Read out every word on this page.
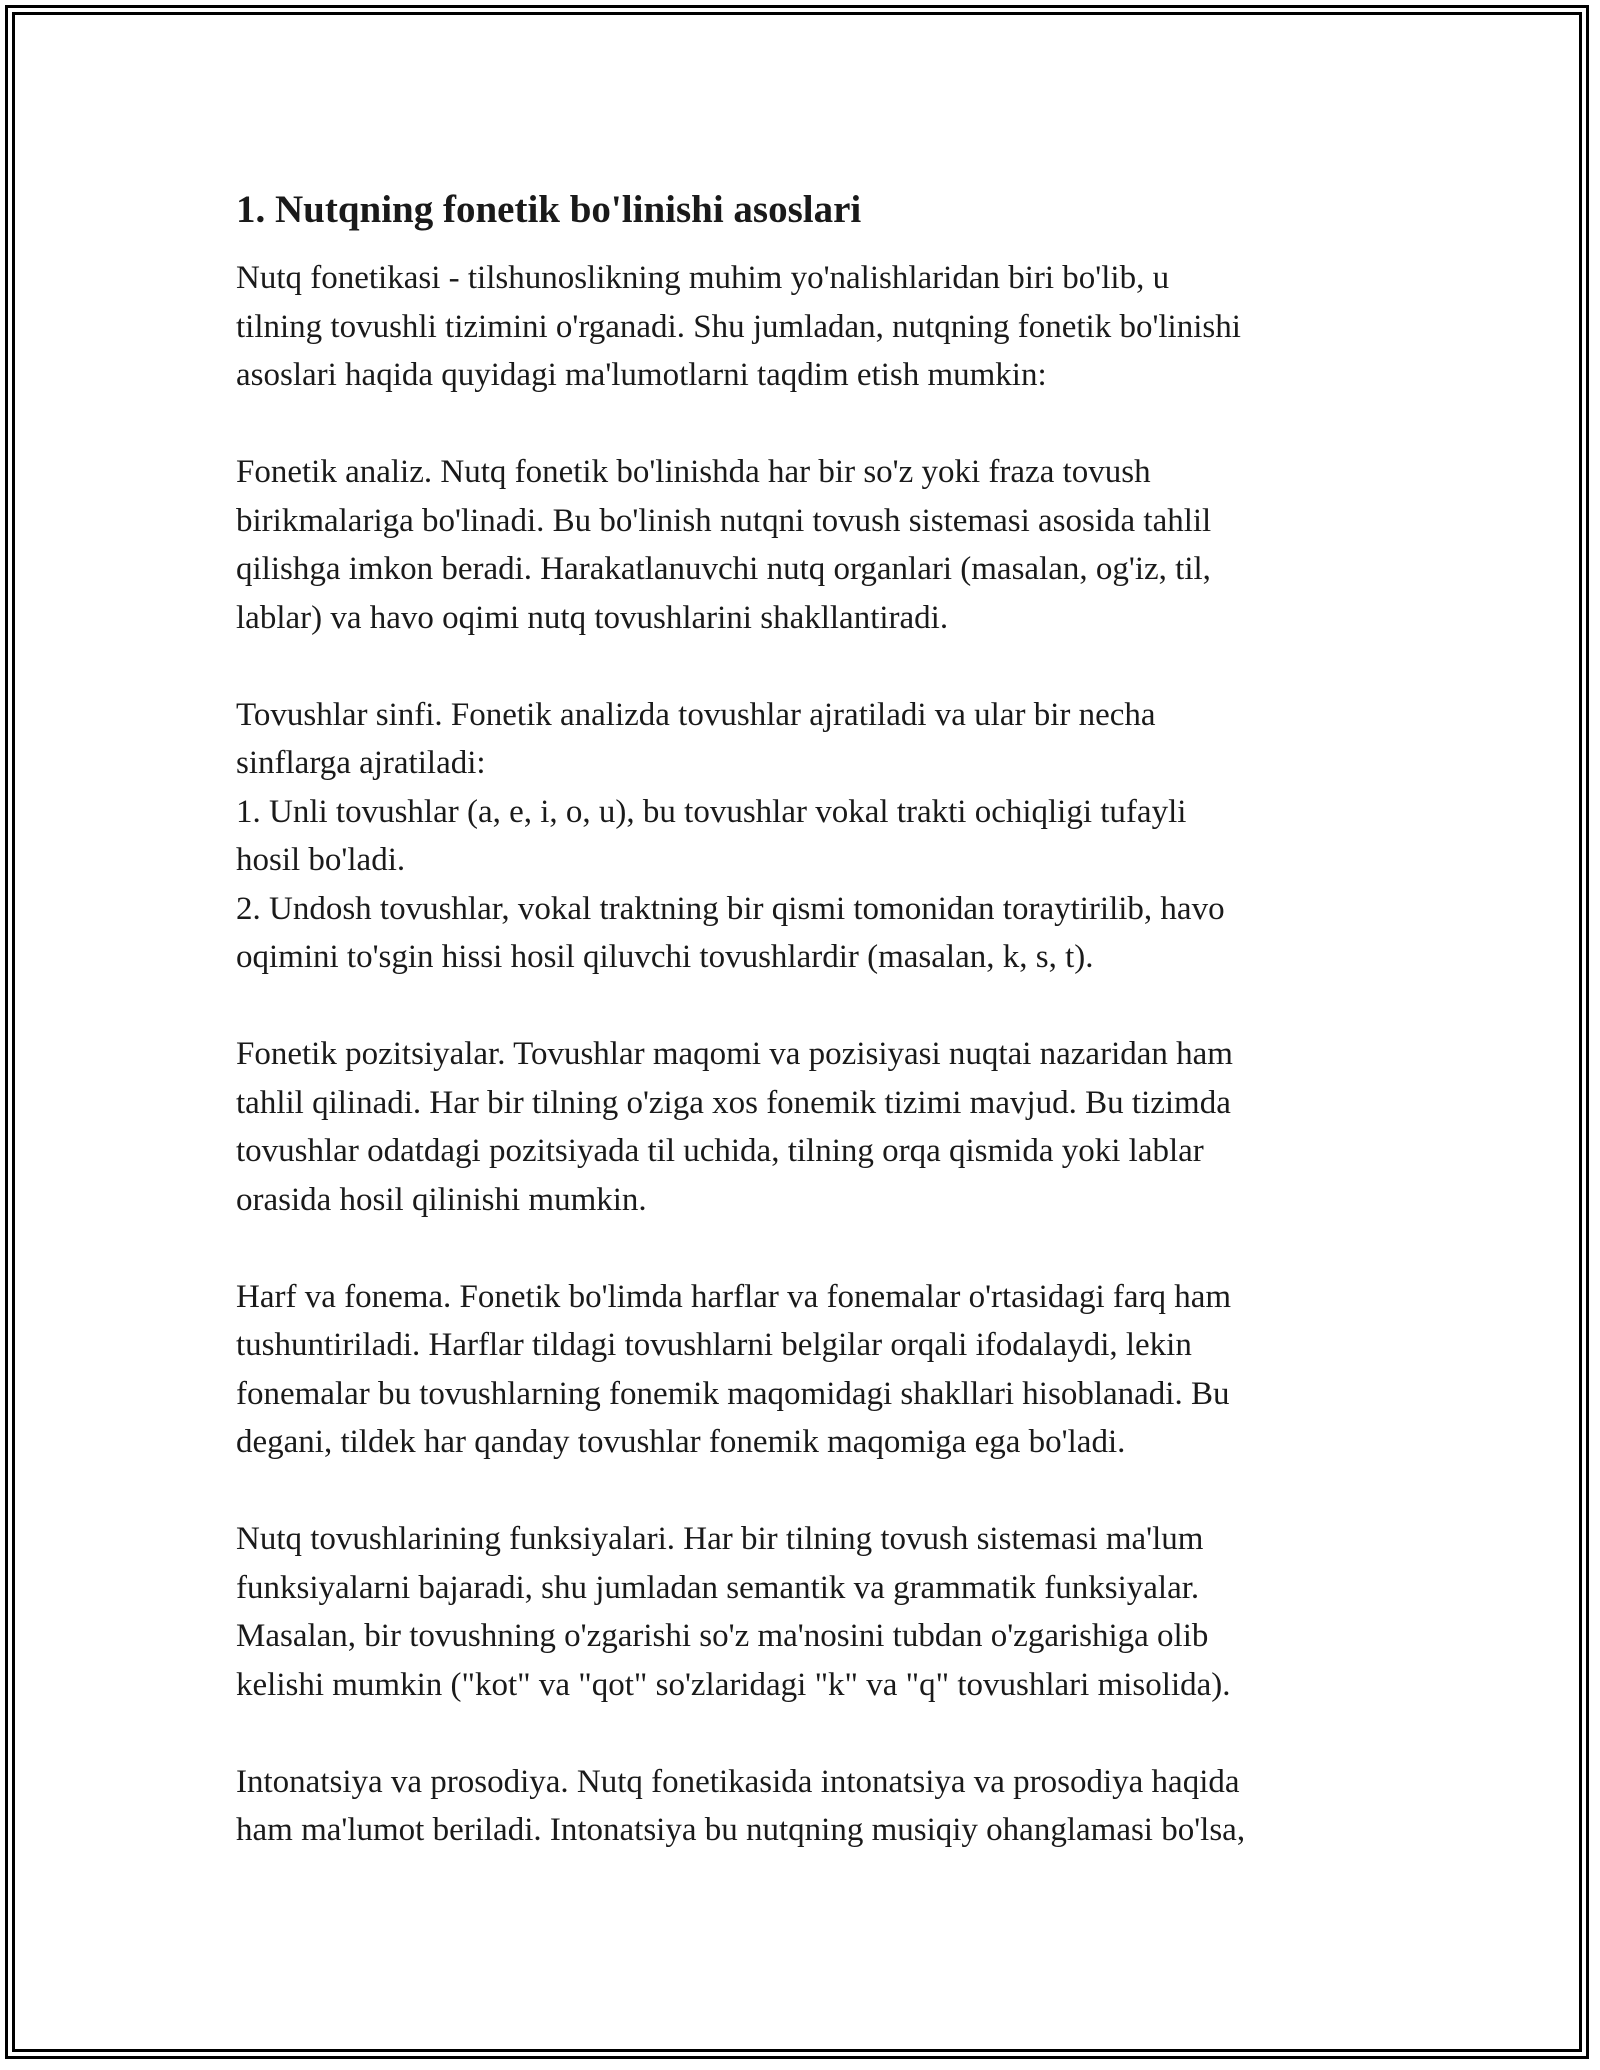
1. Nutqning fonetik bo'linishi asoslari

Nutq fonetikasi - tilshunoslikning muhim yo'nalishlaridan biri bo'lib, u
tilning tovushli tizimini o'rganadi. Shu jumladan, nutqning fonetik bo'linishi
asoslari haqida quyidagi ma'lumotlarni taqdim etish mumkin:

Fonetik analiz. Nutq fonetik bo'linishda har bir so'z yoki fraza tovush
birikmalariga bo'linadi. Bu bo'linish nutqni tovush sistemasi asosida tahlil
qilishga imkon beradi. Harakatlanuvchi nutq organlari (masalan, og'iz, til,
lablar) va havo oqimi nutq tovushlarini shakllantiradi.

Tovushlar sinfi. Fonetik analizda tovushlar ajratiladi va ular bir necha
sinflarga ajratiladi:
1. Unli tovushlar (a, e, i, o, u), bu tovushlar vokal trakti ochiqligi tufayli
hosil bo'ladi.
2. Undosh tovushlar, vokal traktning bir qismi tomonidan toraytirilib, havo
oqimini to'sgin hissi hosil qiluvchi tovushlardir (masalan, k, s, t).

Fonetik pozitsiyalar. Tovushlar maqomi va pozisiyasi nuqtai nazaridan ham
tahlil qilinadi. Har bir tilning o'ziga xos fonemik tizimi mavjud. Bu tizimda
tovushlar odatdagi pozitsiyada til uchida, tilning orqa qismida yoki lablar
orasida hosil qilinishi mumkin.

Harf va fonema. Fonetik bo'limda harflar va fonemalar o'rtasidagi farq ham
tushuntiriladi. Harflar tildagi tovushlarni belgilar orqali ifodalaydi, lekin
fonemalar bu tovushlarning fonemik maqomidagi shakllari hisoblanadi. Bu
degani, tildek har qanday tovushlar fonemik maqomiga ega bo'ladi.

Nutq tovushlarining funksiyalari. Har bir tilning tovush sistemasi ma'lum
funksiyalarni bajaradi, shu jumladan semantik va grammatik funksiyalar.
Masalan, bir tovushning o'zgarishi so'z ma'nosini tubdan o'zgarishiga olib
kelishi mumkin ("kot" va "qot" so'zlaridagi "k" va "q" tovushlari misolida).

Intonatsiya va prosodiya. Nutq fonetikasida intonatsiya va prosodiya haqida
ham ma'lumot beriladi. Intonatsiya bu nutqning musiqiy ohanglamasi bo'lsa,
